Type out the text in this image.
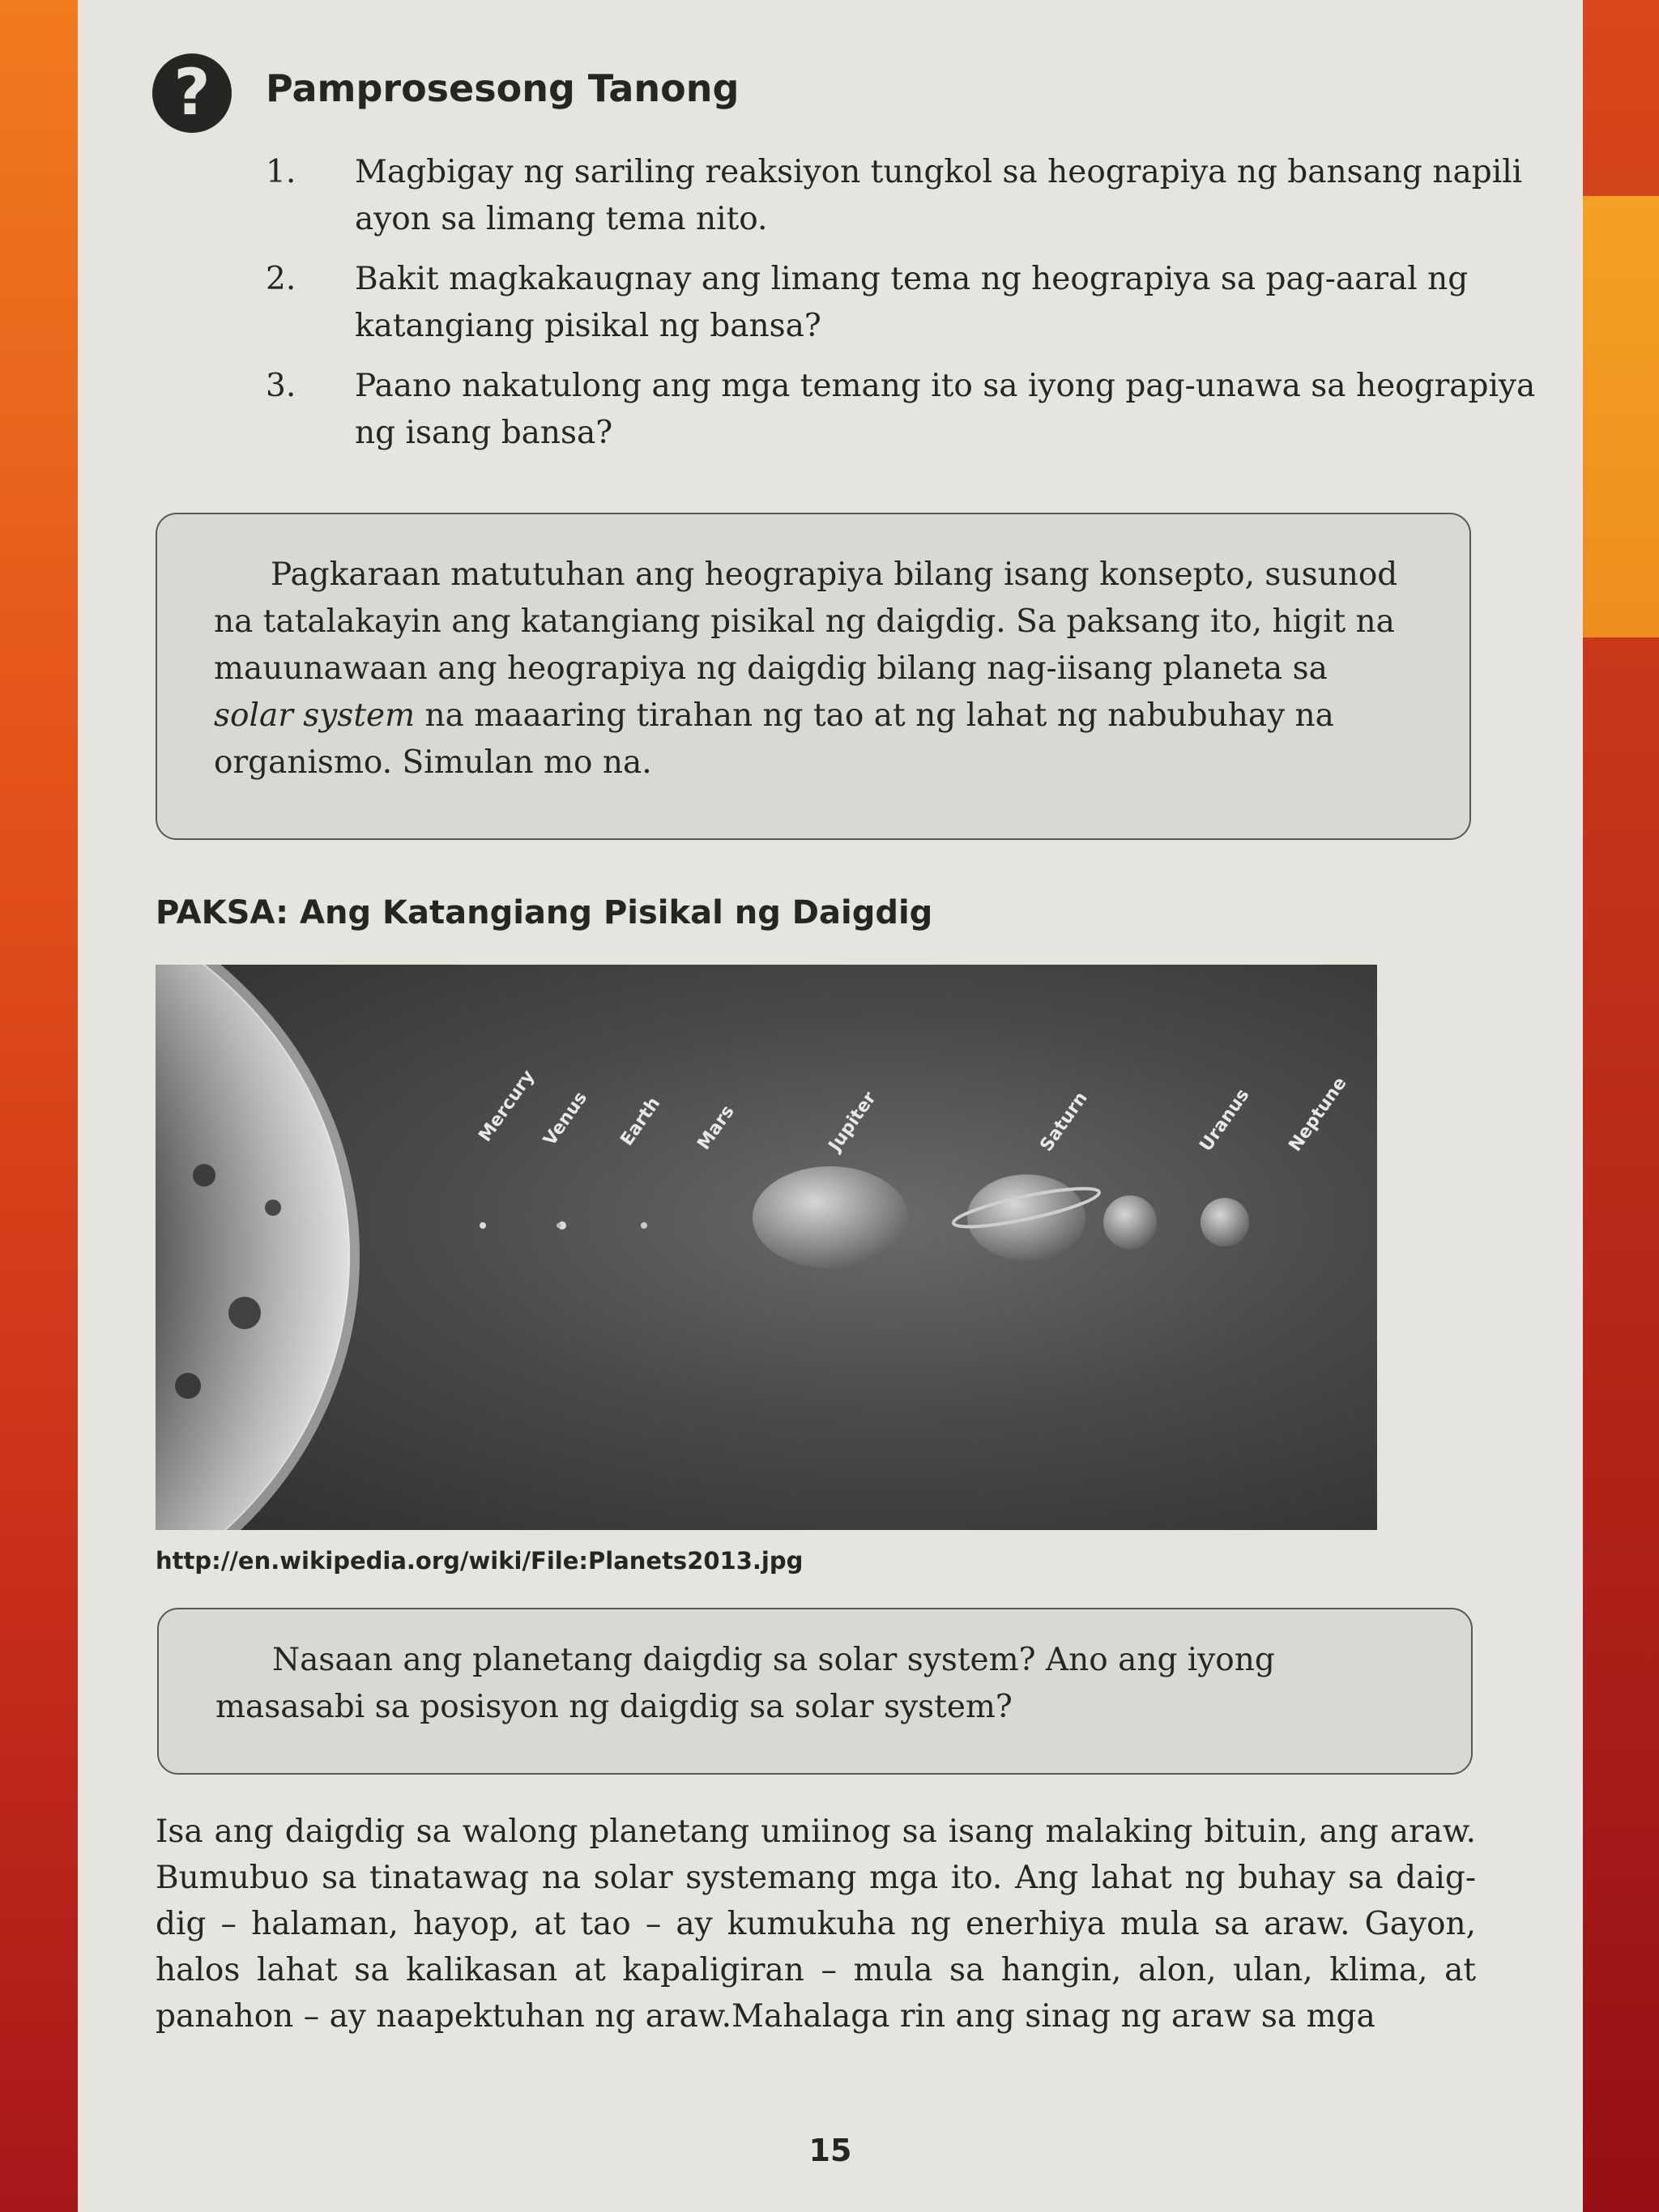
?	Pamprosesong Tanong
1. Magbigay ng sariling reaksiyon tungkol sa heograpiya ng bansang napili ayon sa limang tema nito.
2. Bakit magkakaugnay ang limang tema ng heograpiya sa pag-aaral ng katangiang pisikal ng bansa?
3. Paano nakatulong ang mga temang ito sa iyong pag-unawa sa heograpiya ng isang bansa?

Pagkaraan matutuhan ang heograpiya bilang isang konsepto, susunod na tatalakayin ang katangiang pisikal ng daigdig. Sa paksang ito, higit na mauunawaan ang heograpiya ng daigdig bilang nag-iisang planeta sa solar system na maaaring tirahan ng tao at ng lahat ng nabubuhay na organismo. Simulan mo na.

PAKSA: Ang Katangiang Pisikal ng Daigdig
Mercury Venus Earth Mars	Jupiter	Saturn	Uranus Neptune
http://en.wikipedia.org/wiki/File:Planets2013.jpg

Nasaan ang planetang daigdig sa solar system? Ano ang iyong masasabi sa posisyon ng daigdig sa solar system?

Isa ang daigdig sa walong planetang umiinog sa isang malaking bituin, ang araw. Bumubuo sa tinatawag na solar systemang mga ito. Ang lahat ng buhay sa daig-dig – halaman, hayop, at tao – ay kumukuha ng enerhiya mula sa araw. Gayon, halos lahat sa kalikasan at kapaligiran – mula sa hangin, alon, ulan, klima, at panahon – ay naapektuhan ng araw.Mahalaga rin ang sinag ng araw sa mga

15
